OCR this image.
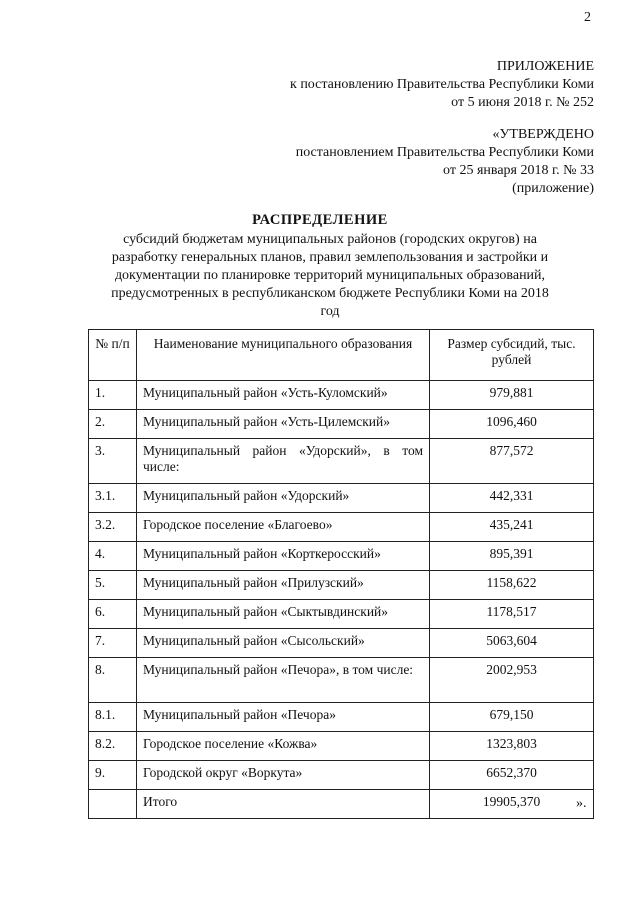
2
ПРИЛОЖЕНИЕ
к постановлению Правительства Республики Коми
от 5 июня 2018 г. № 252
«УТВЕРЖДЕНО
постановлением Правительства Республики Коми
от 25 января 2018 г. № 33
(приложение)
РАСПРЕДЕЛЕНИЕ
субсидий бюджетам муниципальных районов (городских округов) на разработку генеральных планов, правил землепользования и застройки и документации по планировке территорий муниципальных образований, предусмотренных в республиканском бюджете Республики Коми на 2018 год
№ п/п	Наименование муниципального образования	Размер субсидий, тыс. рублей
1.	Муниципальный район «Усть-Куломский»	979,881
2.	Муниципальный район «Усть-Цилемский»	1096,460
3.	Муниципальный район «Удорский», в том числе:	877,572
3.1.	Муниципальный район «Удорский»	442,331
3.2.	Городское поселение «Благоево»	435,241
4.	Муниципальный район «Корткеросский»	895,391
5.	Муниципальный район «Прилузский»	1158,622
6.	Муниципальный район «Сыктывдинский»	1178,517
7.	Муниципальный район «Сысольский»	5063,604
8.	Муниципальный район «Печора», в том числе:	2002,953
8.1.	Муниципальный район «Печора»	679,150
8.2.	Городское поселение «Кожва»	1323,803
9.	Городской округ «Воркута»	6652,370
	Итого	19905,370	».
